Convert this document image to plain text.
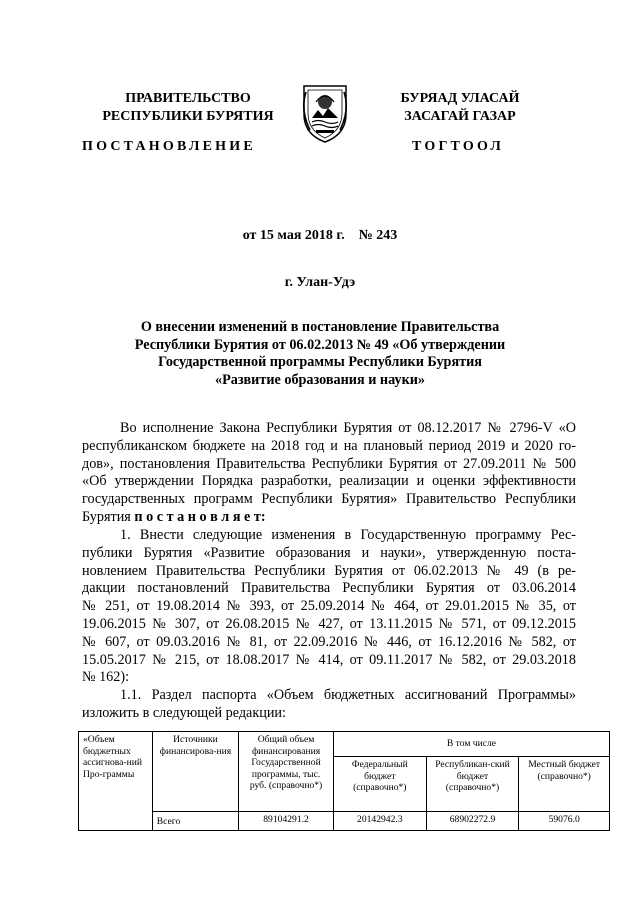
ПРАВИТЕЛЬСТВО
РЕСПУБЛИКИ БУРЯТИЯ
БУРЯАД УЛАСАЙ
ЗАСАГАЙ ГАЗАР
ПОСТАНОВЛЕНИЕ	ТОГТООЛ
от 15 мая 2018 г.    № 243
г. Улан-Удэ
О внесении изменений в постановление Правительства
Республики Бурятия от 06.02.2013 № 49 «Об утверждении
Государственной программы Республики Бурятия
«Развитие образования и науки»
Во исполнение Закона Республики Бурятия от 08.12.2017 № 2796-V «О
республиканском бюджете на 2018 год и на плановый период 2019 и 2020 го-
дов», постановления Правительства Республики Бурятия от 27.09.2011 № 500
«Об утверждении Порядка разработки, реализации и оценки эффективности
государственных программ Республики Бурятия» Правительство Республики
Бурятия п о с т а н о в л я е т:
1. Внести следующие изменения в Государственную программу Рес-
публики Бурятия «Развитие образования и науки», утвержденную поста-
новлением Правительства Республики Бурятия от 06.02.2013 № 49 (в ре-
дакции постановлений Правительства Республики Бурятия от 03.06.2014
№ 251, от 19.08.2014 № 393, от 25.09.2014 № 464, от 29.01.2015 № 35, от
19.06.2015 № 307, от 26.08.2015 № 427, от 13.11.2015 № 571, от 09.12.2015
№ 607, от 09.03.2016 № 81, от 22.09.2016 № 446, от 16.12.2016 № 582, от
15.05.2017 № 215, от 18.08.2017 № 414, от 09.11.2017 № 582, от 29.03.2018
№ 162):
1.1. Раздел паспорта «Объем бюджетных ассигнований Программы»
изложить в следующей редакции:
«Объем бюджетных ассигнова-ний Про-граммы	Источники финансирова-ния	Общий объем финансирования Государственной программы, тыс. руб. (справочно*)	В том числе		
			Федеральный бюджет (справочно*)	Республикан-ский бюджет (справочно*)	Местный бюджет (справочно*)
	Всего	89104291.2	20142942.3	68902272.9	59076.0
